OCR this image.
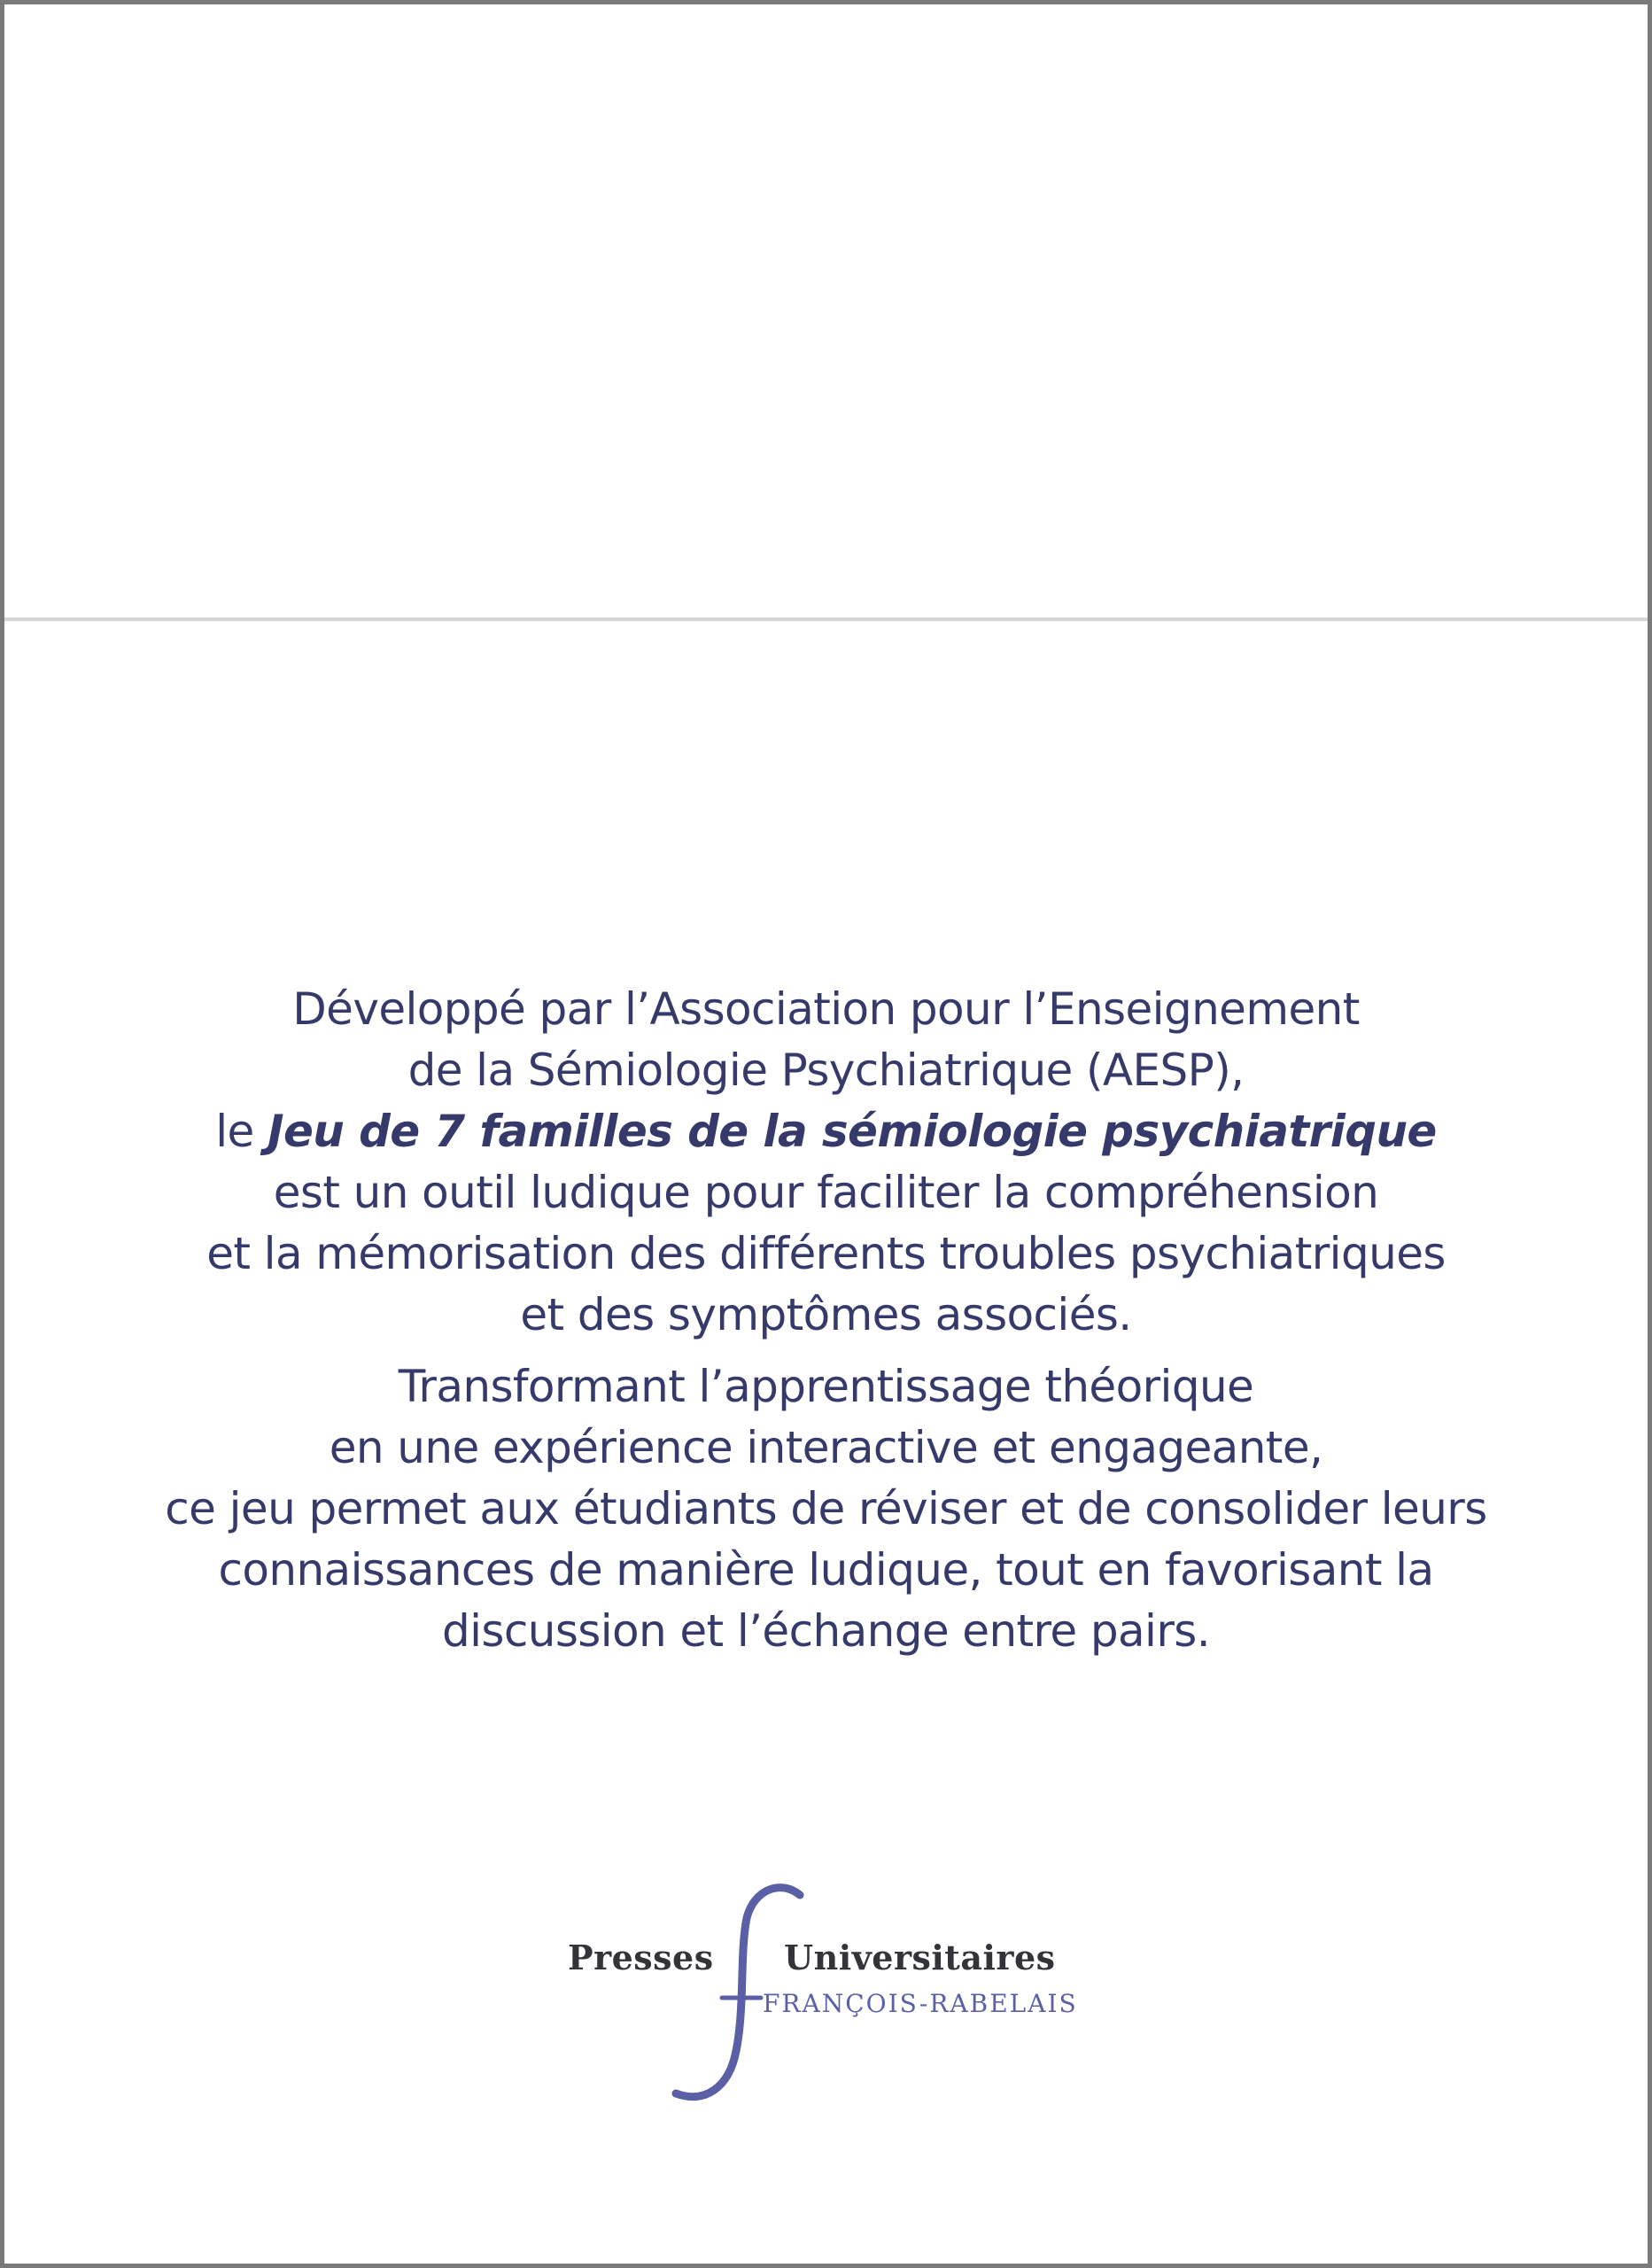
Développé par l’Association pour l’Enseignement
de la Sémiologie Psychiatrique (AESP),
le Jeu de 7 familles de la sémiologie psychiatrique
est un outil ludique pour faciliter la compréhension
et la mémorisation des différents troubles psychiatriques
et des symptômes associés.

Transformant l’apprentissage théorique
en une expérience interactive et engageante,
ce jeu permet aux étudiants de réviser et de consolider leurs
connaissances de manière ludique, tout en favorisant la
discussion et l’échange entre pairs.

Presses Universitaires
FRANÇOIS-RABELAIS
